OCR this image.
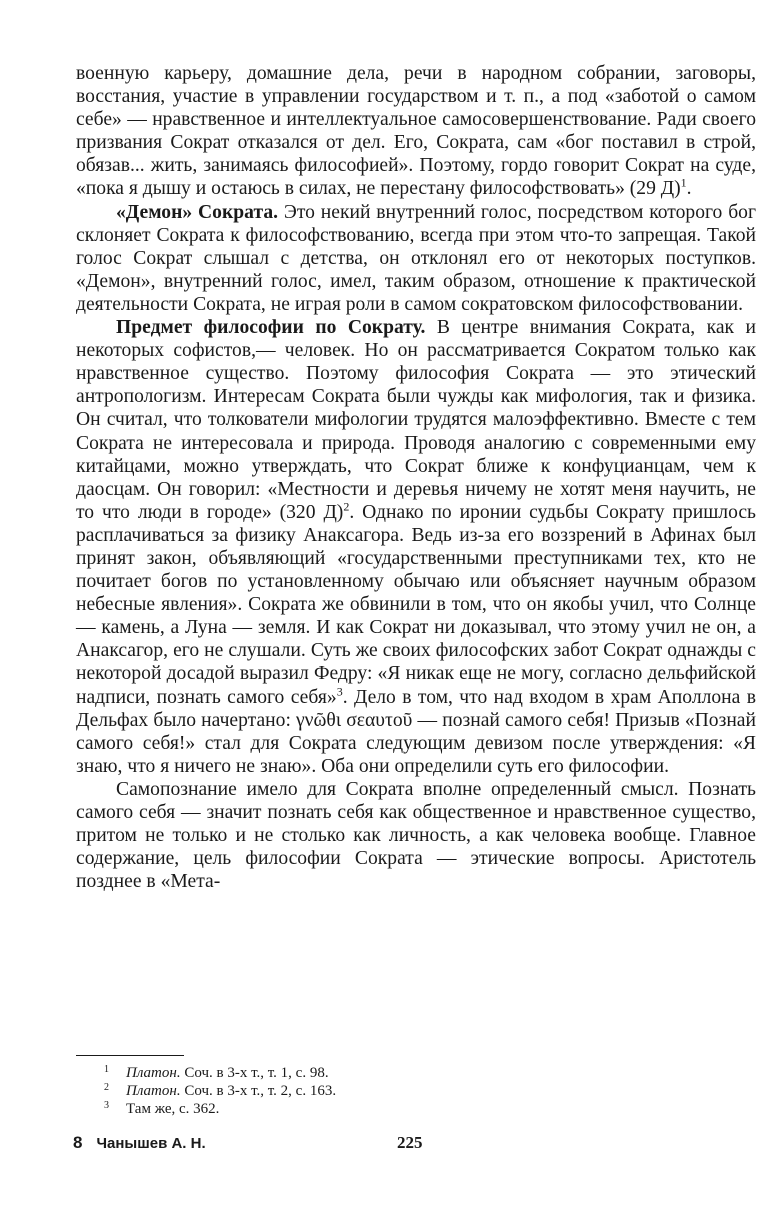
военную карьеру, домашние дела, речи в народном собрании, заговоры, восстания, участие в управлении государством и т. п., а под «заботой о самом себе» — нравственное и интеллектуальное самосовершенствование. Ради своего призвания Сократ отказался от дел. Его, Сократа, сам «бог поставил в строй, обязав... жить, занимаясь философией». Поэтому, гордо говорит Сократ на суде, «пока я дышу и остаюсь в силах, не перестану философствовать» (29 Д)$^1$.

«Демон» Сократа. Это некий внутренний голос, посредством которого бог склоняет Сократа к философствованию, всегда при этом что-то запрещая. Такой голос Сократ слышал с детства, он отклонял его от некоторых поступков. «Демон», внутренний голос, имел, таким образом, отношение к практической деятельности Сократа, не играя роли в самом сократовском философствовании.

Предмет философии по Сократу. В центре внимания Сократа, как и некоторых софистов,— человек. Но он рассматривается Сократом только как нравственное существо. Поэтому философия Сократа — это этический антропологизм. Интересам Сократа были чужды как мифология, так и физика. Он считал, что толкователи мифологии трудятся малоэффективно. Вместе с тем Сократа не интересовала и природа. Проводя аналогию с современными ему китайцами, можно утверждать, что Сократ ближе к конфуцианцам, чем к даосцам. Он говорил: «Местности и деревья ничему не хотят меня научить, не то что люди в городе» (320 Д)$^2$. Однако по иронии судьбы Сократу пришлось расплачиваться за физику Анаксагора. Ведь из-за его воззрений в Афинах был принят закон, объявляющий «государственными преступниками тех, кто не почитает богов по установленному обычаю или объясняет научным образом небесные явления». Сократа же обвинили в том, что он якобы учил, что Солнце — камень, а Луна — земля. И как Сократ ни доказывал, что этому учил не он, а Анаксагор, его не слушали. Суть же своих философских забот Сократ однажды с некоторой досадой выразил Федру: «Я никак еще не могу, согласно дельфийской надписи, познать самого себя»$^3$. Дело в том, что над входом в храм Аполлона в Дельфах было начертано: γνῶθι σεαυτοῦ — познай самого себя! Призыв «Познай самого себя!» стал для Сократа следующим девизом после утверждения: «Я знаю, что я ничего не знаю». Оба они определили суть его философии.

Самопознание имело для Сократа вполне определенный смысл. Познать самого себя — значит познать себя как общественное и нравственное существо, притом не только и не столько как личность, а как человека вообще. Главное содержание, цель философии Сократа — этические вопросы. Аристотель позднее в «Мета-

1 Платон. Соч. в 3-х т., т. 1, с. 98.

2 Платон. Соч. в 3-х т., т. 2, с. 163.

3 Там же, с. 362.

8 Чанышев А. Н.	225
